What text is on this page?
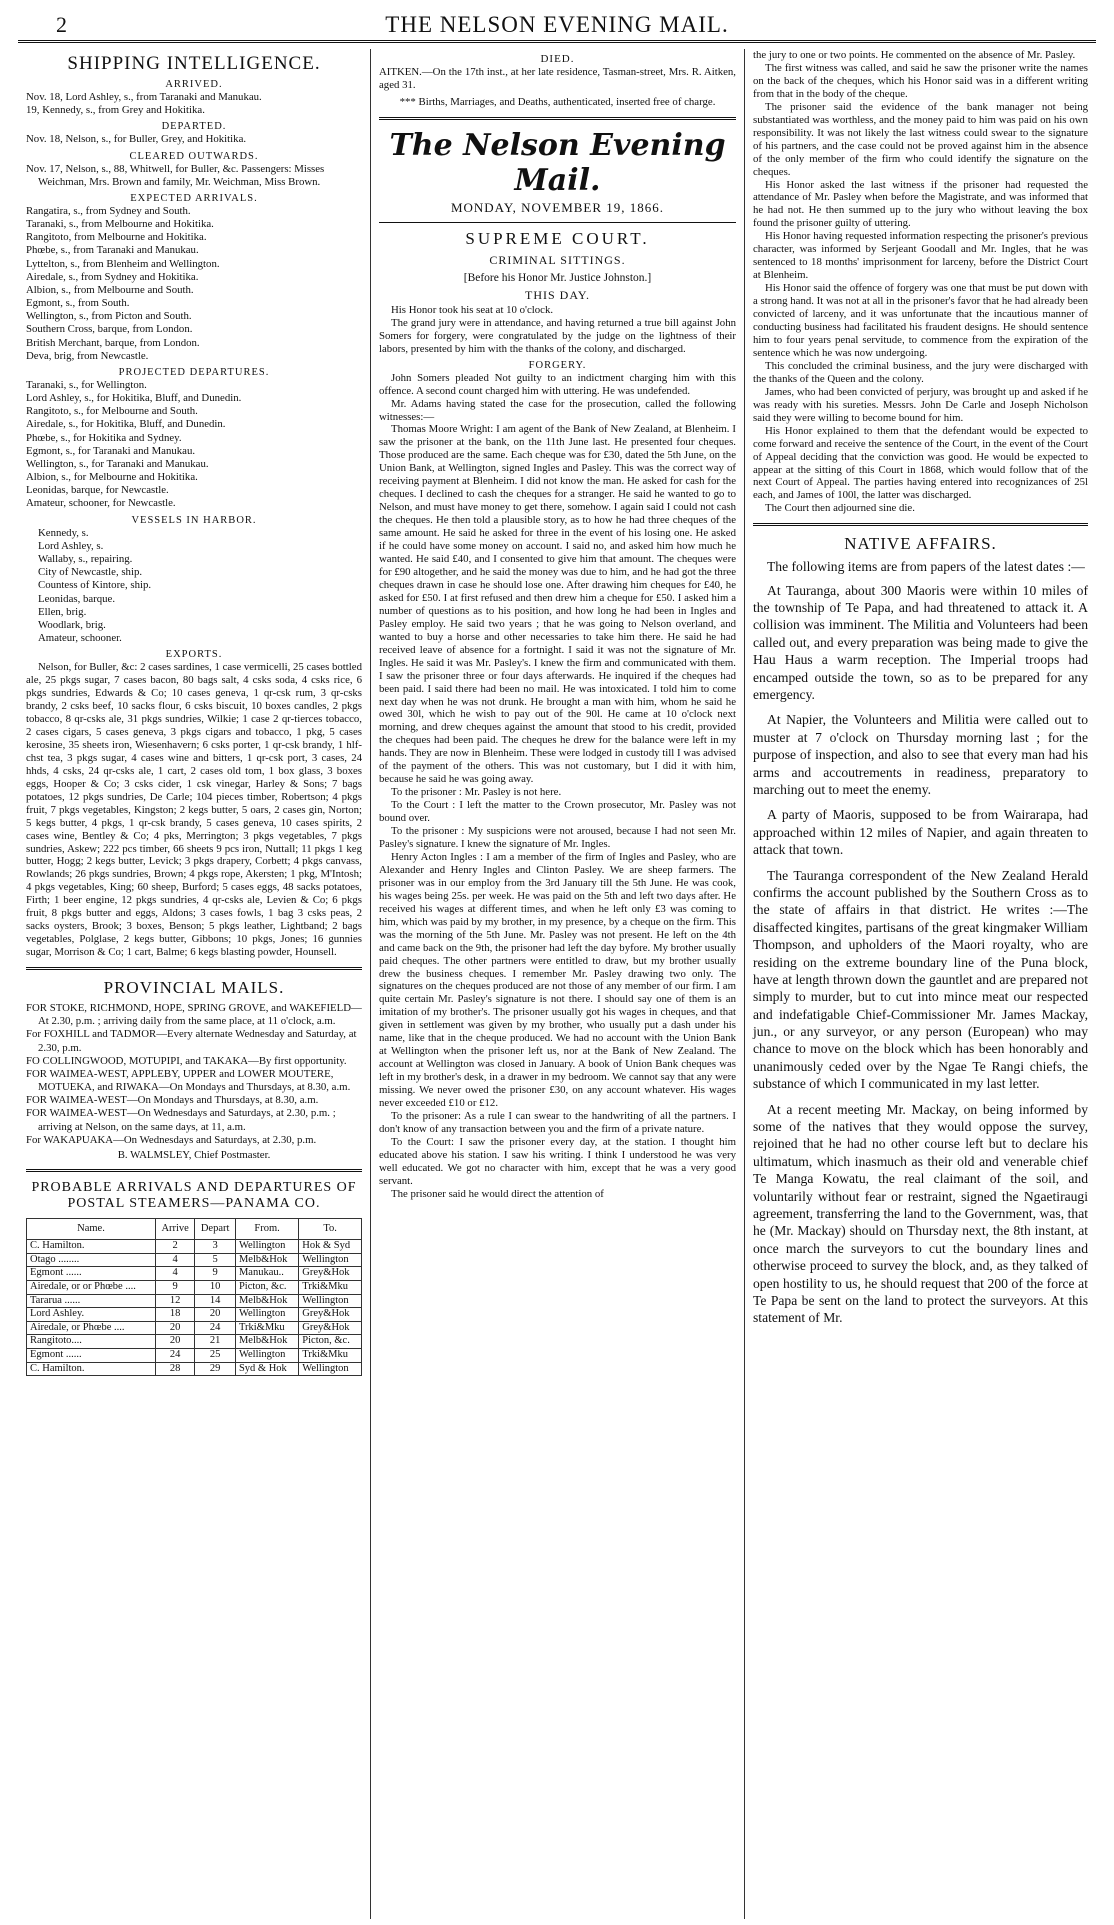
2	THE NELSON EVENING MAIL.
SHIPPING INTELLIGENCE.
ARRIVED.

Nov. 18, Lord Ashley, s., from Taranaki and Manukau.

19, Kennedy, s., from Grey and Hokitika.

DEPARTED.

Nov. 18, Nelson, s., for Buller, Grey, and Hokitika.

CLEARED OUTWARDS.

Nov. 17, Nelson, s., 88, Whitwell, for Buller, &c. Passengers: Misses Weichman, Mrs. Brown and family, Mr. Weichman, Miss Brown.

EXPECTED ARRIVALS.

Rangatira, s., from Sydney and South.

Taranaki, s., from Melbourne and Hokitika.

Rangitoto, from Melbourne and Hokitika.

Phœbe, s., from Taranaki and Manukau.

Lyttelton, s., from Blenheim and Wellington.

Airedale, s., from Sydney and Hokitika.

Albion, s., from Melbourne and South.

Egmont, s., from South.

Wellington, s., from Picton and South.

Southern Cross, barque, from London.

British Merchant, barque, from London.

Deva, brig, from Newcastle.

PROJECTED DEPARTURES.

Taranaki, s., for Wellington.

Lord Ashley, s., for Hokitika, Bluff, and Dunedin.

Rangitoto, s., for Melbourne and South.

Airedale, s., for Hokitika, Bluff, and Dunedin.

Phœbe, s., for Hokitika and Sydney.

Egmont, s., for Taranaki and Manukau.

Wellington, s., for Taranaki and Manukau.

Albion, s., for Melbourne and Hokitika.

Leonidas, barque, for Newcastle.

Amateur, schooner, for Newcastle.

VESSELS IN HARBOR.

Kennedy, s.

Lord Ashley, s.

Wallaby, s., repairing.

City of Newcastle, ship.

Countess of Kintore, ship.

Leonidas, barque.

Ellen, brig.

Woodlark, brig.

Amateur, schooner.

EXPORTS.

Nelson, for Buller, &c: 2 cases sardines, 1 case vermicelli, 25 cases bottled ale, 25 pkgs sugar, 7 cases bacon, 80 bags salt, 4 csks soda, 4 csks rice, 6 pkgs sundries, Edwards & Co; 10 cases geneva, 1 qr-csk rum, 3 qr-csks brandy, 2 csks beef, 10 sacks flour, 6 csks biscuit, 10 boxes candles, 2 pkgs tobacco, 8 qr-csks ale, 31 pkgs sundries, Wilkie; 1 case 2 qr-tierces tobacco, 2 cases cigars, 5 cases geneva, 3 pkgs cigars and tobacco, 1 pkg, 5 cases kerosine, 35 sheets iron, Wiesenhavern; 6 csks porter, 1 qr-csk brandy, 1 hlf-chst tea, 3 pkgs sugar, 4 cases wine and bitters, 1 qr-csk port, 3 cases, 24 hhds, 4 csks, 24 qr-csks ale, 1 cart, 2 cases old tom, 1 box glass, 3 boxes eggs, Hooper & Co; 3 csks cider, 1 csk vinegar, Harley & Sons; 7 bags potatoes, 12 pkgs sundries, De Carle; 104 pieces timber, Robertson; 4 pkgs fruit, 7 pkgs vegetables, Kingston; 2 kegs butter, 5 oars, 2 cases gin, Norton; 5 kegs butter, 4 pkgs, 1 qr-csk brandy, 5 cases geneva, 10 cases spirits, 2 cases wine, Bentley & Co; 4 pks, Merrington; 3 pkgs vegetables, 7 pkgs sundries, Askew; 222 pcs timber, 66 sheets 9 pcs iron, Nuttall; 11 pkgs 1 keg butter, Hogg; 2 kegs butter, Levick; 3 pkgs drapery, Corbett; 4 pkgs canvass, Rowlands; 26 pkgs sundries, Brown; 4 pkgs rope, Akersten; 1 pkg, M'Intosh; 4 pkgs vegetables, King; 60 sheep, Burford; 5 cases eggs, 48 sacks potatoes, Firth; 1 beer engine, 12 pkgs sundries, 4 qr-csks ale, Levien & Co; 6 pkgs fruit, 8 pkgs butter and eggs, Aldons; 3 cases fowls, 1 bag 3 csks peas, 2 sacks oysters, Brook; 3 boxes, Benson; 5 pkgs leather, Lightband; 2 bags vegetables, Polglase, 2 kegs butter, Gibbons; 10 pkgs, Jones; 16 gunnies sugar, Morrison & Co; 1 cart, Balme; 6 kegs blasting powder, Hounsell.

PROVINCIAL MAILS.

FOR STOKE, RICHMOND, HOPE, SPRING GROVE, and WAKEFIELD—At 2.30, p.m. ; arriving daily from the same place, at 11 o'clock, a.m.

For FOXHILL and TADMOR—Every alternate Wednesday and Saturday, at 2.30, p.m.

FO COLLINGWOOD, MOTUPIPI, and TAKAKA—By first opportunity.

FOR WAIMEA-WEST, APPLEBY, UPPER and LOWER MOUTERE, MOTUEKA, and RIWAKA—On Mondays and Thursdays, at 8.30, a.m.

FOR WAIMEA-WEST—On Mondays and Thursdays, at 8.30, a.m.

FOR WAIMEA-WEST—On Wednesdays and Saturdays, at 2.30, p.m. ; arriving at Nelson, on the same days, at 11, a.m.

For WAKAPUAKA—On Wednesdays and Saturdays, at 2.30, p.m.

B. WALMSLEY, Chief Postmaster.
PROBABLE ARRIVALS AND DEPARTURES OF POSTAL STEAMERS—PANAMA CO.
Name.	Arrive	Depart	From.	To.
C. Hamilton.	2	3	Wellington	Hok & Syd
Otago ........	4	5	Melb&Hok	Wellington
Egmont ......	4	9	Manukau..	Grey&Hok
Airedale, or or Phœbe ....	9	10	Picton, &c.	Trki&Mku
Tararua ......	12	14	Melb&Hok	Wellington
Lord Ashley.	18	20	Wellington	Grey&Hok
Airedale, or Phœbe ....	20	24	Trki&Mku	Grey&Hok
Rangitoto....	20	21	Melb&Hok	Picton, &c.
Egmont ......	24	25	Wellington	Trki&Mku
C. Hamilton.	28	29	Syd & Hok	Wellington
DIED.

AITKEN.—On the 17th inst., at her late residence, Tasman-street, Mrs. R. Aitken, aged 31.

*** Births, Marriages, and Deaths, authenticated, inserted free of charge.

The Nelson Evening Mail.
MONDAY, NOVEMBER 19, 1866.
SUPREME COURT.
CRIMINAL SITTINGS.
[Before his Honor Mr. Justice Johnston.]
THIS DAY.

His Honor took his seat at 10 o'clock.

The grand jury were in attendance, and having returned a true bill against John Somers for forgery, were congratulated by the judge on the lightness of their labors, presented by him with the thanks of the colony, and discharged.

FORGERY.

John Somers pleaded Not guilty to an indictment charging him with this offence. A second count charged him with uttering. He was undefended.

Mr. Adams having stated the case for the prosecution, called the following witnesses:—

Thomas Moore Wright: I am agent of the Bank of New Zealand, at Blenheim. I saw the prisoner at the bank, on the 11th June last. He presented four cheques. Those produced are the same. Each cheque was for £30, dated the 5th June, on the Union Bank, at Wellington, signed Ingles and Pasley. This was the correct way of receiving payment at Blenheim. I did not know the man. He asked for cash for the cheques. I declined to cash the cheques for a stranger. He said he wanted to go to Nelson, and must have money to get there, somehow. I again said I could not cash the cheques. He then told a plausible story, as to how he had three cheques of the same amount. He said he asked for three in the event of his losing one. He asked if he could have some money on account. I said no, and asked him how much he wanted. He said £40, and I consented to give him that amount. The cheques were for £90 altogether, and he said the money was due to him, and he had got the three cheques drawn in case he should lose one. After drawing him cheques for £40, he asked for £50. I at first refused and then drew him a cheque for £50. I asked him a number of questions as to his position, and how long he had been in Ingles and Pasley employ. He said two years ; that he was going to Nelson overland, and wanted to buy a horse and other necessaries to take him there. He said he had received leave of absence for a fortnight. I said it was not the signature of Mr. Ingles. He said it was Mr. Pasley's. I knew the firm and communicated with them. I saw the prisoner three or four days afterwards. He inquired if the cheques had been paid. I said there had been no mail. He was intoxicated. I told him to come next day when he was not drunk. He brought a man with him, whom he said he owed 30l, which he wish to pay out of the 90l. He came at 10 o'clock next morning, and drew cheques against the amount that stood to his credit, provided the cheques had been paid. The cheques he drew for the balance were left in my hands. They are now in Blenheim. These were lodged in custody till I was advised of the payment of the others. This was not customary, but I did it with him, because he said he was going away.

To the prisoner : Mr. Pasley is not here.

To the Court : I left the matter to the Crown prosecutor, Mr. Pasley was not bound over.

To the prisoner : My suspicions were not aroused, because I had not seen Mr. Pasley's signature. I knew the signature of Mr. Ingles.

Henry Acton Ingles : I am a member of the firm of Ingles and Pasley, who are Alexander and Henry Ingles and Clinton Pasley. We are sheep farmers. The prisoner was in our employ from the 3rd January till the 5th June. He was cook, his wages being 25s. per week. He was paid on the 5th and left two days after. He received his wages at different times, and when he left only £3 was coming to him, which was paid by my brother, in my presence, by a cheque on the firm. This was the morning of the 5th June. Mr. Pasley was not present. He left on the 4th and came back on the 9th, the prisoner had left the day byfore. My brother usually paid cheques. The other partners were entitled to draw, but my brother usually drew the business cheques. I remember Mr. Pasley drawing two only. The signatures on the cheques produced are not those of any member of our firm. I am quite certain Mr. Pasley's signature is not there. I should say one of them is an imitation of my brother's. The prisoner usually got his wages in cheques, and that given in settlement was given by my brother, who usually put a dash under his name, like that in the cheque produced. We had no account with the Union Bank at Wellington when the prisoner left us, nor at the Bank of New Zealand. The account at Wellington was closed in January. A book of Union Bank cheques was left in my brother's desk, in a drawer in my bedroom. We cannot say that any were missing. We never owed the prisoner £30, on any account whatever. His wages never exceeded £10 or £12.

To the prisoner: As a rule I can swear to the handwriting of all the partners. I don't know of any transaction between you and the firm of a private nature.

To the Court: I saw the prisoner every day, at the station. I thought him educated above his station. I saw his writing. I think I understood he was very well educated. We got no character with him, except that he was a very good servant.

The prisoner said he would direct the attention of

the jury to one or two points. He commented on the absence of Mr. Pasley.

The first witness was called, and said he saw the prisoner write the names on the back of the cheques, which his Honor said was in a different writing from that in the body of the cheque.

The prisoner said the evidence of the bank manager not being substantiated was worthless, and the money paid to him was paid on his own responsibility. It was not likely the last witness could swear to the signature of his partners, and the case could not be proved against him in the absence of the only member of the firm who could identify the signature on the cheques.

His Honor asked the last witness if the prisoner had requested the attendance of Mr. Pasley when before the Magistrate, and was informed that he had not. He then summed up to the jury who without leaving the box found the prisoner guilty of uttering.

His Honor having requested information respecting the prisoner's previous character, was informed by Serjeant Goodall and Mr. Ingles, that he was sentenced to 18 months' imprisonment for larceny, before the District Court at Blenheim.

His Honor said the offence of forgery was one that must be put down with a strong hand. It was not at all in the prisoner's favor that he had already been convicted of larceny, and it was unfortunate that the incautious manner of conducting business had facilitated his fraudent designs. He should sentence him to four years penal servitude, to commence from the expiration of the sentence which he was now undergoing.

This concluded the criminal business, and the jury were discharged with the thanks of the Queen and the colony.

James, who had been convicted of perjury, was brought up and asked if he was ready with his sureties. Messrs. John De Carle and Joseph Nicholson said they were willing to become bound for him.

His Honor explained to them that the defendant would be expected to come forward and receive the sentence of the Court, in the event of the Court of Appeal deciding that the conviction was good. He would be expected to appear at the sitting of this Court in 1868, which would follow that of the next Court of Appeal. The parties having entered into recognizances of 25l each, and James of 100l, the latter was discharged.

The Court then adjourned sine die.

NATIVE AFFAIRS.

The following items are from papers of the latest dates :—

At Tauranga, about 300 Maoris were within 10 miles of the township of Te Papa, and had threatened to attack it. A collision was imminent. The Militia and Volunteers had been called out, and every preparation was being made to give the Hau Haus a warm reception. The Imperial troops had encamped outside the town, so as to be prepared for any emergency.

At Napier, the Volunteers and Militia were called out to muster at 7 o'clock on Thursday morning last ; for the purpose of inspection, and also to see that every man had his arms and accoutrements in readiness, preparatory to marching out to meet the enemy.

A party of Maoris, supposed to be from Wairarapa, had approached within 12 miles of Napier, and again threaten to attack that town.

The Tauranga correspondent of the New Zealand Herald confirms the account published by the Southern Cross as to the state of affairs in that district. He writes :—The disaffected kingites, partisans of the great kingmaker William Thompson, and upholders of the Maori royalty, who are residing on the extreme boundary line of the Puna block, have at length thrown down the gauntlet and are prepared not simply to murder, but to cut into mince meat our respected and indefatigable Chief-Commissioner Mr. James Mackay, jun., or any surveyor, or any person (European) who may chance to move on the block which has been honorably and unanimously ceded over by the Ngae Te Rangi chiefs, the substance of which I communicated in my last letter.

At a recent meeting Mr. Mackay, on being informed by some of the natives that they would oppose the survey, rejoined that he had no other course left but to declare his ultimatum, which inasmuch as their old and venerable chief Te Manga Kowatu, the real claimant of the soil, and voluntarily without fear or restraint, signed the Ngaetiraugi agreement, transferring the land to the Government, was, that he (Mr. Mackay) should on Thursday next, the 8th instant, at once march the surveyors to cut the boundary lines and otherwise proceed to survey the block, and, as they talked of open hostility to us, he should request that 200 of the force at Te Papa be sent on the land to protect the surveyors. At this statement of Mr.
